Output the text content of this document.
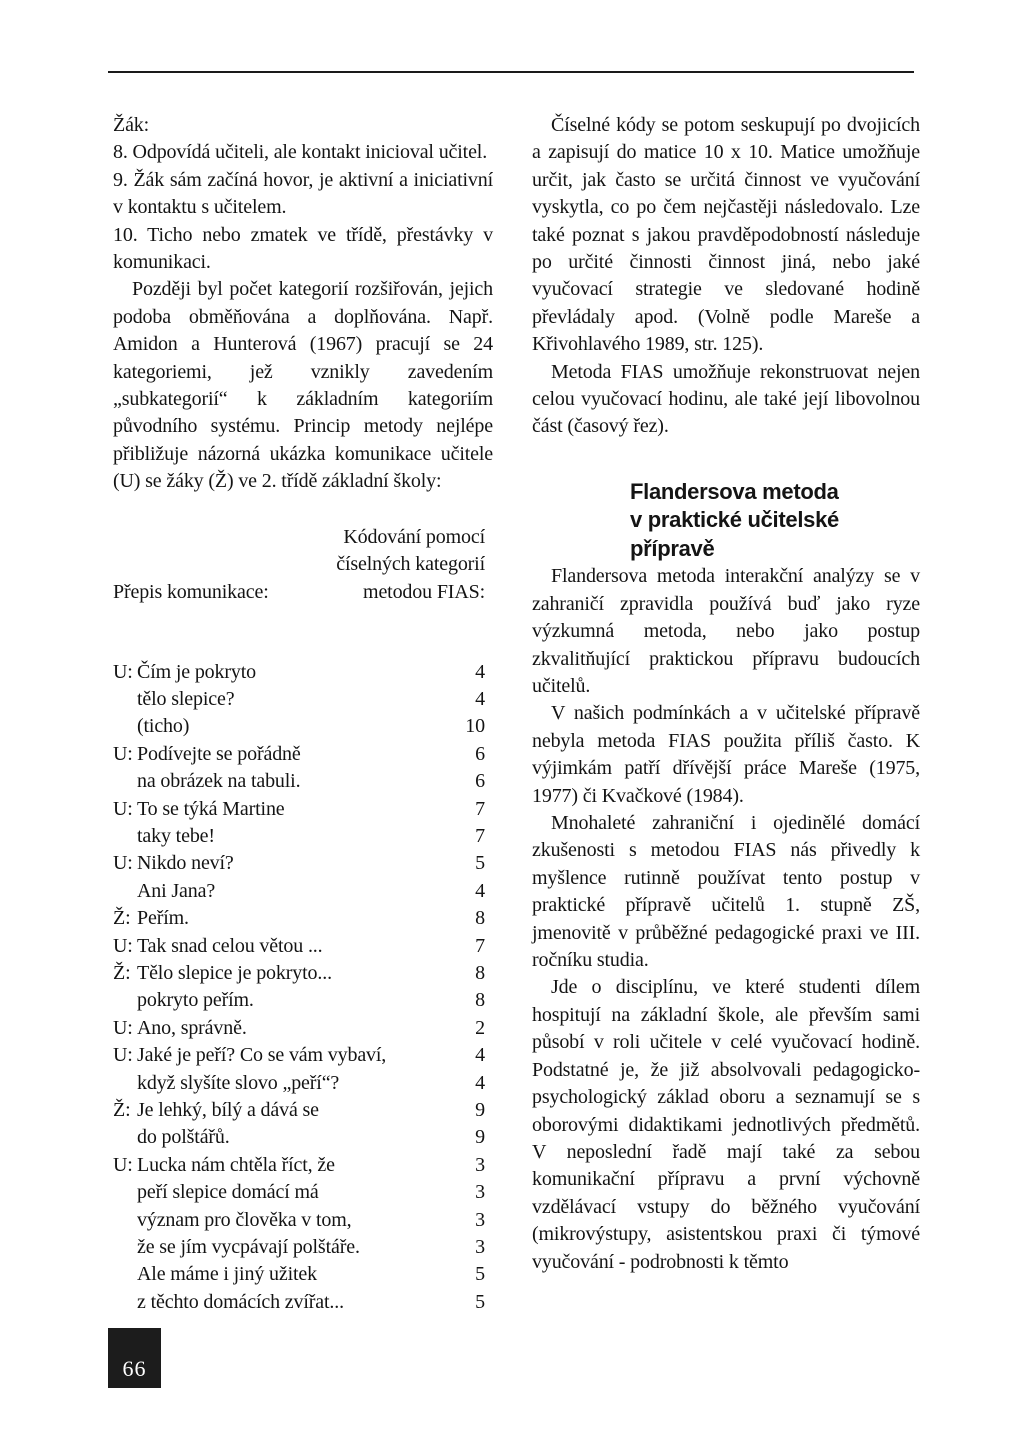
Žák:

8. Odpovídá učiteli, ale kontakt inicioval učitel.

9. Žák sám začíná hovor, je aktivní a iniciativní v kontaktu s učitelem.

10. Ticho nebo zmatek ve třídě, přestávky v komunikaci.

Později byl počet kategorií rozšiřován, jejich podoba obměňována a doplňována. Např. Amidon a Hunterová (1967) pracují se 24 kategoriemi, jež vznikly zavedením „subkategorií“ k základním kategoriím původního systému. Princip metody nejlépe přibližuje názorná ukázka komunikace učitele (U) se žáky (Ž) ve 2. třídě základní školy:

Přepis komunikace:
Kódování pomocí
číselných kategorií
metodou FIAS:
U: Čím je pokryto	4
tělo slepice?	4
(ticho)	10
U: Podívejte se pořádně	6
na obrázek na tabuli.	6
U: To se týká Martine	7
taky tebe!	7
U: Nikdo neví?	5
Ani Jana?	4
Ž: Peřím.	8
U: Tak snad celou větou ...	7
Ž: Tělo slepice je pokryto...	8
pokryto peřím.	8
U: Ano, správně.	2
U: Jaké je peří? Co se vám vybaví,	4
když slyšíte slovo „peří“?	4
Ž: Je lehký, bílý a dává se	9
do polštářů.	9
U: Lucka nám chtěla říct, že	3
peří slepice domácí má	3
význam pro člověka v tom,	3
že se jím vycpávají polštáře.	3
Ale máme i jiný užitek	5
z těchto domácích zvířat...	5

Číselné kódy se potom seskupují po dvojicích a zapisují do matice 10 x 10. Matice umožňuje určit, jak často se určitá činnost ve vyučování vyskytla, co po čem nejčastěji následovalo. Lze také poznat s jakou pravděpodobností následuje po určité činnosti činnost jiná, nebo jaké vyučovací strategie ve sledované hodině převládaly apod. (Volně podle Mareše a Křivohlavého 1989, str. 125).

Metoda FIAS umožňuje rekonstruovat nejen celou vyučovací hodinu, ale také její libovolnou část (časový řez).

Flandersova metoda
v praktické učitelské
přípravě

Flandersova metoda interakční analýzy se v zahraničí zpravidla používá buď jako ryze výzkumná metoda, nebo jako postup zkvalitňující praktickou přípravu budoucích učitelů.

V našich podmínkách a v učitelské přípravě nebyla metoda FIAS použita příliš často. K výjimkám patří dřívější práce Mareše (1975, 1977) či Kvačkové (1984).

Mnohaleté zahraniční i ojedinělé domácí zkušenosti s metodou FIAS nás přivedly k myšlence rutinně používat tento postup v praktické přípravě učitelů 1. stupně ZŠ, jmenovitě v průběžné pedagogické praxi ve III. ročníku studia.

Jde o disciplínu, ve které studenti dílem hospitují na základní škole, ale převším sami působí v roli učitele v celé vyučovací hodině. Podstatné je, že již absolvovali pedagogicko-psychologický základ oboru a seznamují se s oborovými didaktikami jednotlivých předmětů. V neposlední řadě mají také za sebou komunikační přípravu a první výchovně vzdělávací vstupy do běžného vyučování (mikrovýstupy, asistentskou praxi či týmové vyučování - podrobnosti k těmto

66
